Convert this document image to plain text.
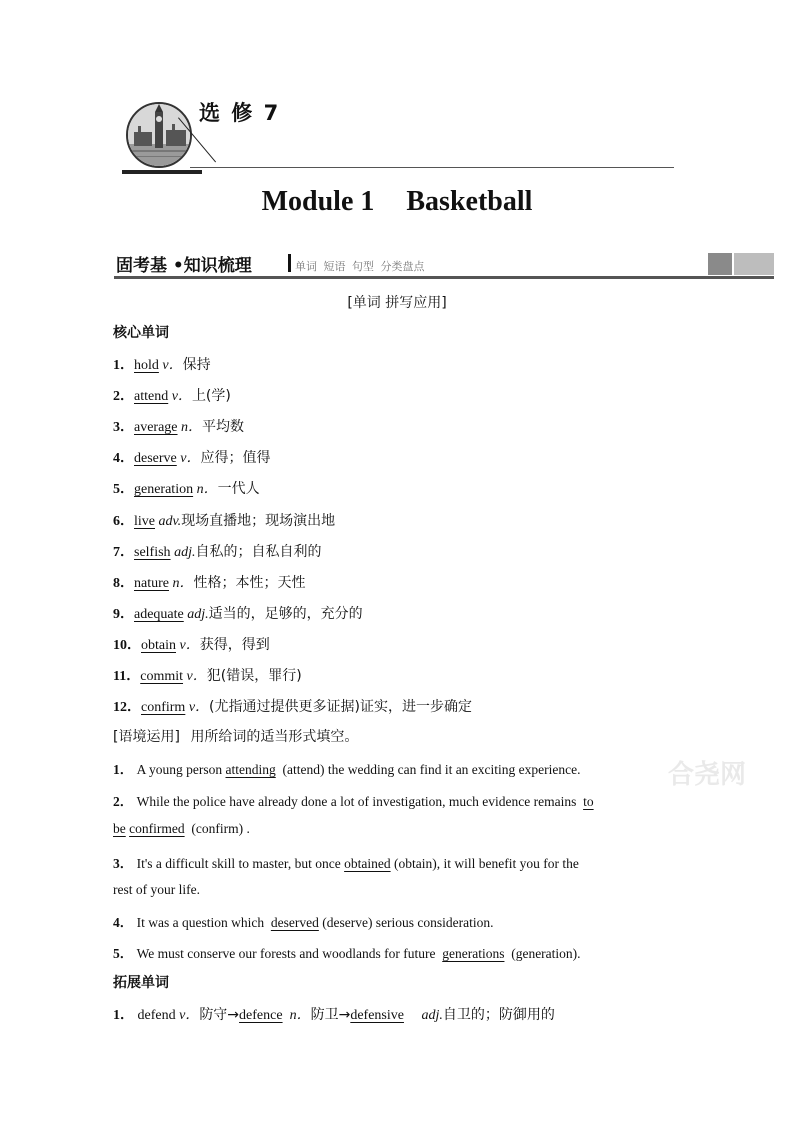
选 修 7
Module 1 Basketball
固考基 •知识梳理	单词 短语 句型 分类盘点
[单词 拼写应用]
核心单词
1．hold v．保持
2．attend v．上(学)
3．average n．平均数
4．deserve v．应得；值得
5．generation n．一代人
6．live adv.现场直播地；现场演出地
7．selfish adj.自私的；自私自利的
8．nature n．性格；本性；天性
9．adequate adj.适当的，足够的，充分的
10．obtain v．获得，得到
11．commit v．犯(错误，罪行)
12．confirm v．(尤指通过提供更多证据)证实，进一步确定
[语境运用] 用所给词的适当形式填空。
1． A young person attending (attend) the wedding can find it an exciting experience.
2． While the police have already done a lot of investigation, much evidence remains to
be confirmed (confirm) .
3． It's a difficult skill to master, but once obtained (obtain), it will benefit you for the
rest of your life.
4． It was a question which deserved (deserve) serious consideration.
5． We must conserve our forests and woodlands for future generations (generation).
拓展单词
1． defend v．防守→defence n．防卫→defensive adj.自卫的；防御用的
合尧网
